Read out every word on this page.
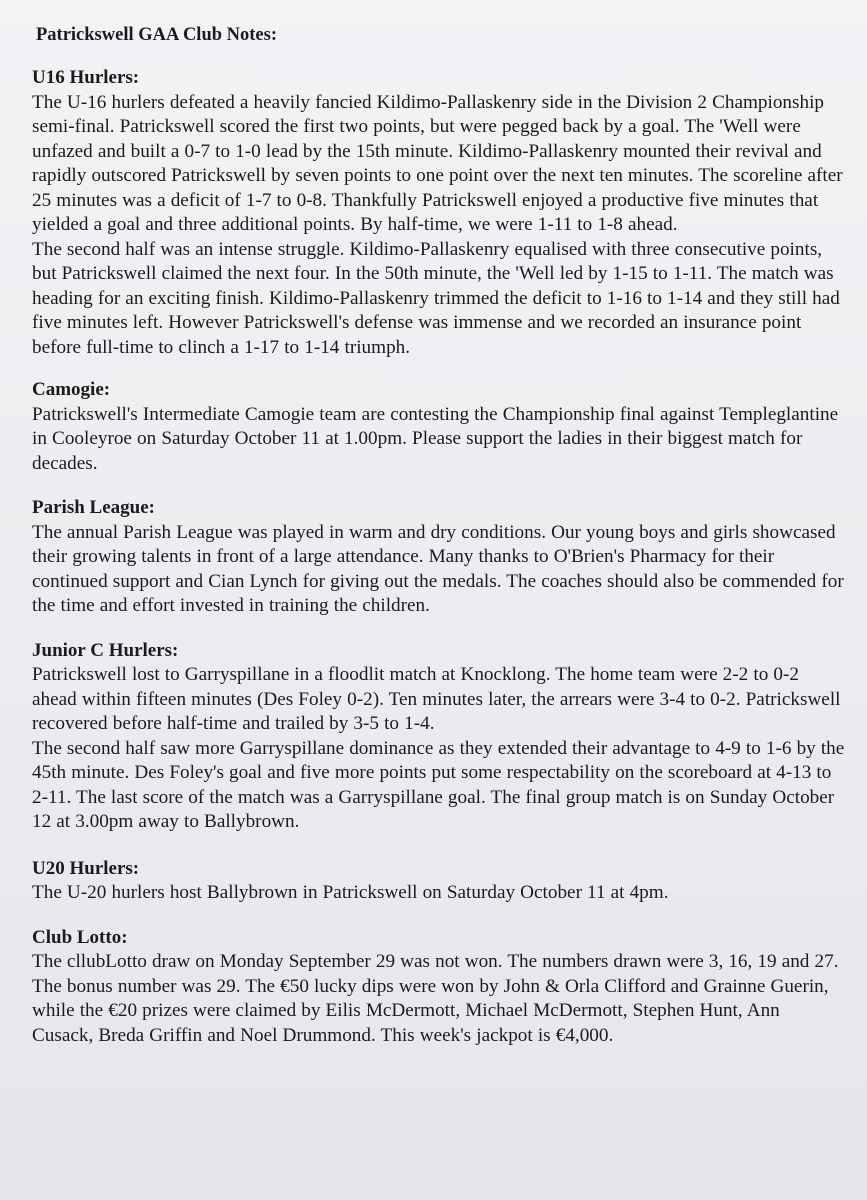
Patrickswell GAA Club Notes:
U16 Hurlers:

The U-16 hurlers defeated a heavily fancied Kildimo-Pallaskenry side in the Division 2 Championship semi-final. Patrickswell scored the first two points, but were pegged back by a goal. The 'Well were unfazed and built a 0-7 to 1-0 lead by the 15th minute. Kildimo-Pallaskenry mounted their revival and rapidly outscored Patrickswell by seven points to one point over the next ten minutes. The scoreline after 25 minutes was a deficit of 1-7 to 0-8. Thankfully Patrickswell enjoyed a productive five minutes that yielded a goal and three additional points. By half-time, we were 1-11 to 1-8 ahead.

The second half was an intense struggle. Kildimo-Pallaskenry equalised with three consecutive points, but Patrickswell claimed the next four. In the 50th minute, the 'Well led by 1-15 to 1-11. The match was heading for an exciting finish. Kildimo-Pallaskenry trimmed the deficit to 1-16 to 1-14 and they still had five minutes left. However Patrickswell's defense was immense and we recorded an insurance point before full-time to clinch a 1-17 to 1-14 triumph.

Camogie:

Patrickswell's Intermediate Camogie team are contesting the Championship final against Templeglantine in Cooleyroe on Saturday October 11 at 1.00pm. Please support the ladies in their biggest match for decades.

Parish League:

The annual Parish League was played in warm and dry conditions. Our young boys and girls showcased their growing talents in front of a large attendance. Many thanks to O'Brien's Pharmacy for their continued support and Cian Lynch for giving out the medals. The coaches should also be commended for the time and effort invested in training the children.

Junior C Hurlers:

Patrickswell lost to Garryspillane in a floodlit match at Knocklong. The home team were 2-2 to 0-2 ahead within fifteen minutes (Des Foley 0-2). Ten minutes later, the arrears were 3-4 to 0-2. Patrickswell recovered before half-time and trailed by 3-5 to 1-4.

The second half saw more Garryspillane dominance as they extended their advantage to 4-9 to 1-6 by the 45th minute. Des Foley's goal and five more points put some respectability on the scoreboard at 4-13 to 2-11. The last score of the match was a Garryspillane goal. The final group match is on Sunday October 12 at 3.00pm away to Ballybrown.

U20 Hurlers:

The U-20 hurlers host Ballybrown in Patrickswell on Saturday October 11 at 4pm.

Club Lotto:

The cllubLotto draw on Monday September 29 was not won. The numbers drawn were 3, 16, 19 and 27. The bonus number was 29. The €50 lucky dips were won by John & Orla Clifford and Grainne Guerin, while the €20 prizes were claimed by Eilis McDermott, Michael McDermott, Stephen Hunt, Ann Cusack, Breda Griffin and Noel Drummond. This week's jackpot is €4,000.
